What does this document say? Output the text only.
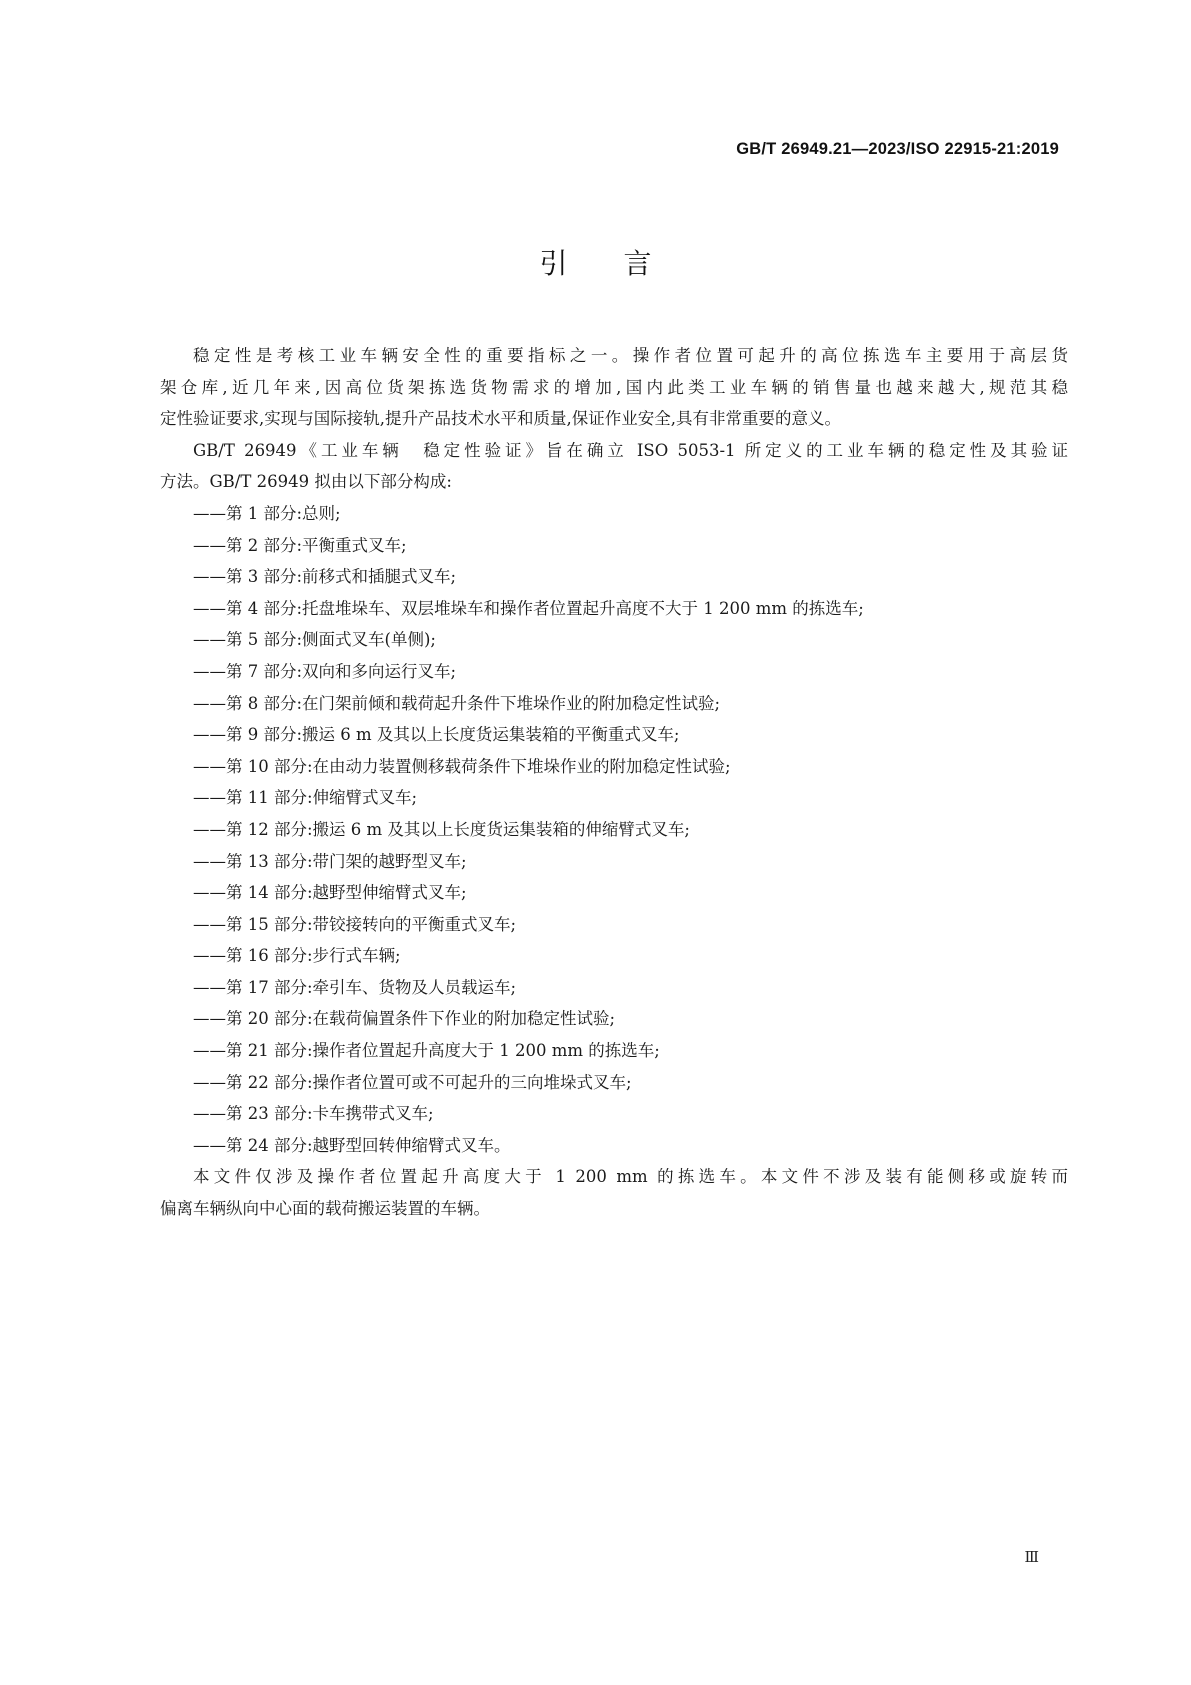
GB/T 26949.21—2023/ISO 22915-21:2019
引言
稳定性是考核工业车辆安全性的重要指标之一。操作者位置可起升的高位拣选车主要用于高层货
架仓库,近几年来,因高位货架拣选货物需求的增加,国内此类工业车辆的销售量也越来越大,规范其稳
定性验证要求,实现与国际接轨,提升产品技术水平和质量,保证作业安全,具有非常重要的意义。
GB/T 26949《工业车辆　稳定性验证》旨在确立 ISO 5053-1 所定义的工业车辆的稳定性及其验证
方法。GB/T 26949 拟由以下部分构成:
——第 1 部分:总则;
——第 2 部分:平衡重式叉车;
——第 3 部分:前移式和插腿式叉车;
——第 4 部分:托盘堆垛车、双层堆垛车和操作者位置起升高度不大于 1 200 mm 的拣选车;
——第 5 部分:侧面式叉车(单侧);
——第 7 部分:双向和多向运行叉车;
——第 8 部分:在门架前倾和载荷起升条件下堆垛作业的附加稳定性试验;
——第 9 部分:搬运 6 m 及其以上长度货运集装箱的平衡重式叉车;
——第 10 部分:在由动力装置侧移载荷条件下堆垛作业的附加稳定性试验;
——第 11 部分:伸缩臂式叉车;
——第 12 部分:搬运 6 m 及其以上长度货运集装箱的伸缩臂式叉车;
——第 13 部分:带门架的越野型叉车;
——第 14 部分:越野型伸缩臂式叉车;
——第 15 部分:带铰接转向的平衡重式叉车;
——第 16 部分:步行式车辆;
——第 17 部分:牵引车、货物及人员载运车;
——第 20 部分:在载荷偏置条件下作业的附加稳定性试验;
——第 21 部分:操作者位置起升高度大于 1 200 mm 的拣选车;
——第 22 部分:操作者位置可或不可起升的三向堆垛式叉车;
——第 23 部分:卡车携带式叉车;
——第 24 部分:越野型回转伸缩臂式叉车。
本文件仅涉及操作者位置起升高度大于 1 200 mm 的拣选车。本文件不涉及装有能侧移或旋转而
偏离车辆纵向中心面的载荷搬运装置的车辆。
Ⅲ
